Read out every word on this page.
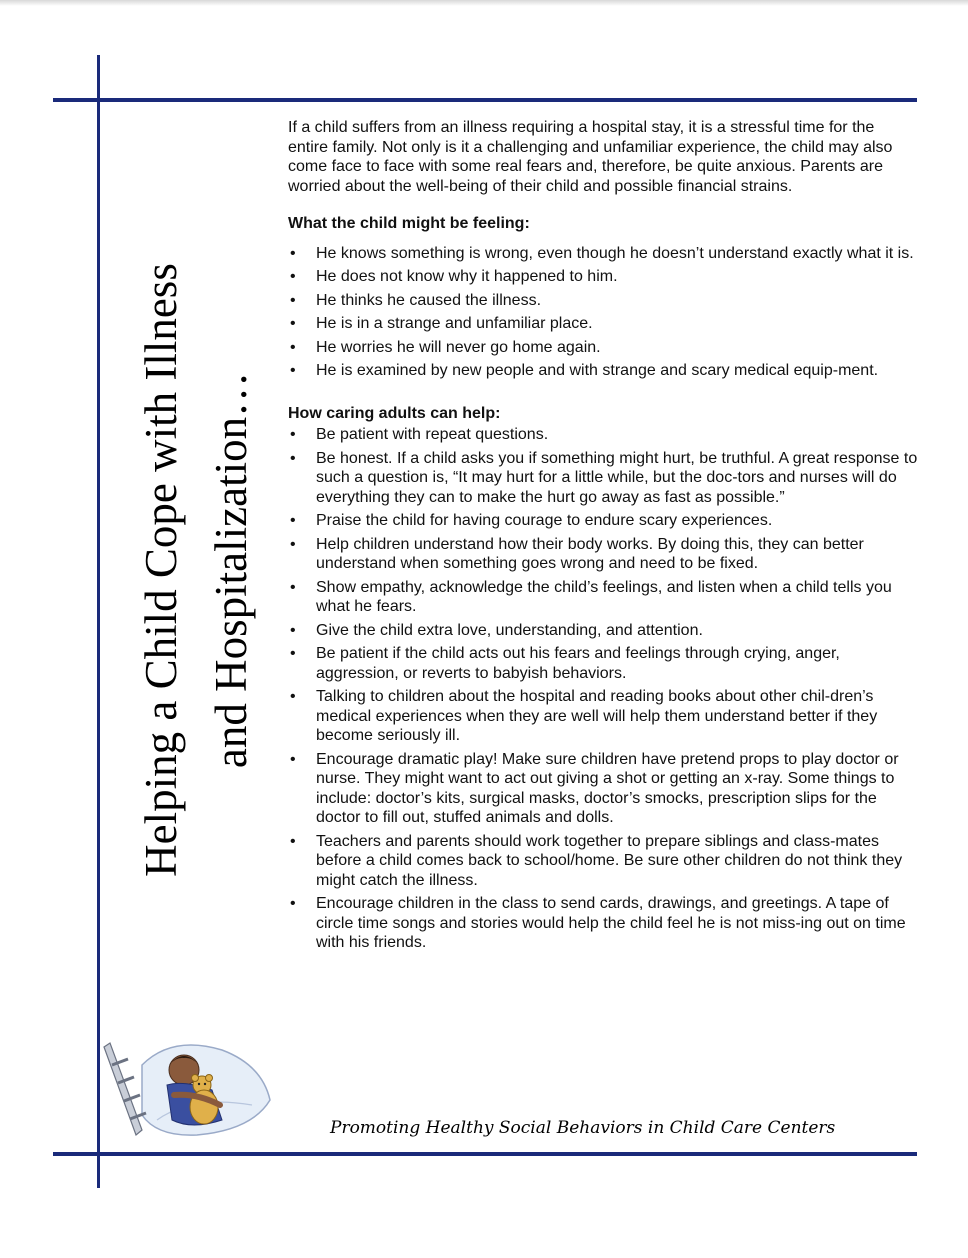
Helping a Child Cope with Illness and Hospitalization…

If a child suffers from an illness requiring a hospital stay, it is a stressful time for the entire family. Not only is it a challenging and unfamiliar experience, the child may also come face to face with some real fears and, therefore, be quite anxious. Parents are worried about the well-being of their child and possible financial strains.

What the child might be feeling:

• He knows something is wrong, even though he doesn’t understand exactly what it is.
• He does not know why it happened to him.
• He thinks he caused the illness.
• He is in a strange and unfamiliar place.
• He worries he will never go home again.
• He is examined by new people and with strange and scary medical equip-ment.

How caring adults can help:

• Be patient with repeat questions.
• Be honest. If a child asks you if something might hurt, be truthful. A great response to such a question is, “It may hurt for a little while, but the doc-tors and nurses will do everything they can to make the hurt go away as fast as possible.”
• Praise the child for having courage to endure scary experiences.
• Help children understand how their body works. By doing this, they can better understand when something goes wrong and need to be fixed.
• Show empathy, acknowledge the child’s feelings, and listen when a child tells you what he fears.
• Give the child extra love, understanding, and attention.
• Be patient if the child acts out his fears and feelings through crying, anger, aggression, or reverts to babyish behaviors.
• Talking to children about the hospital and reading books about other chil-dren’s medical experiences when they are well will help them understand better if they become seriously ill.
• Encourage dramatic play! Make sure children have pretend props to play doctor or nurse. They might want to act out giving a shot or getting an x-ray. Some things to include: doctor’s kits, surgical masks, doctor’s smocks, prescription slips for the doctor to fill out, stuffed animals and dolls.
• Teachers and parents should work together to prepare siblings and class-mates before a child comes back to school/home. Be sure other children do not think they might catch the illness.
• Encourage children in the class to send cards, drawings, and greetings. A tape of circle time songs and stories would help the child feel he is not miss-ing out on time with his friends.
Promoting Healthy Social Behaviors in Child Care Centers
